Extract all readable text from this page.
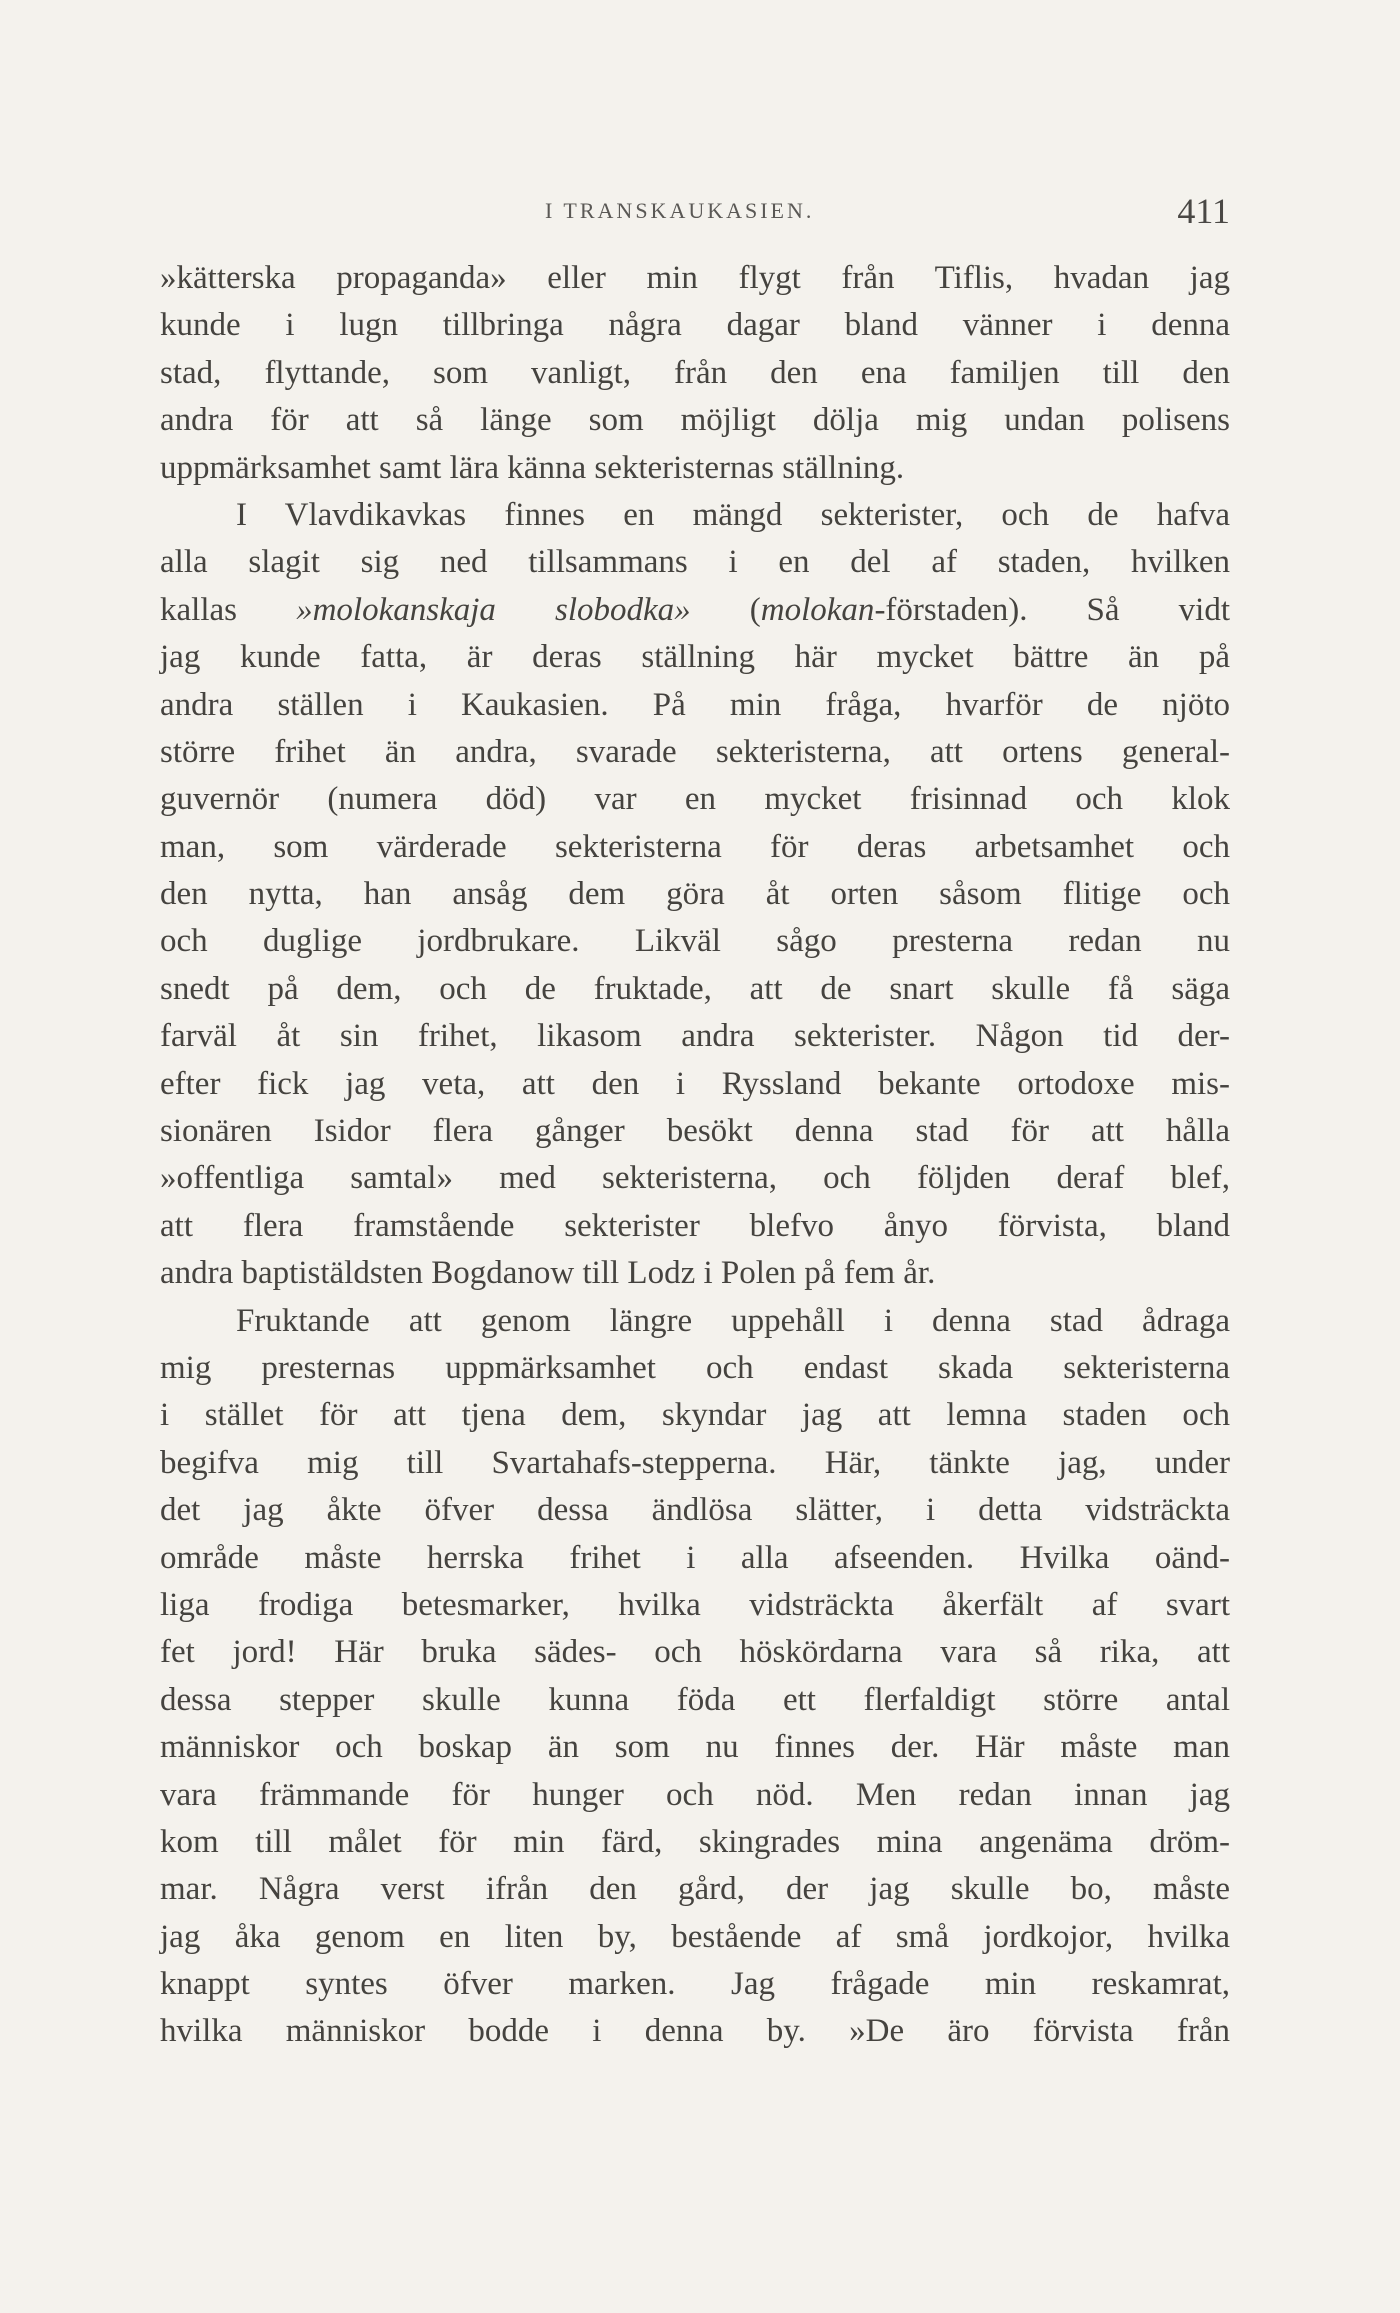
I TRANSKAUKASIEN.	411
»kätterska propaganda» eller min flygt från Tiflis, hvadan jag
kunde i lugn tillbringa några dagar bland vänner i denna
stad, flyttande, som vanligt, från den ena familjen till den
andra för att så länge som möjligt dölja mig undan polisens
uppmärksamhet samt lära känna sekteristernas ställning.
I Vlavdikavkas finnes en mängd sekterister, och de hafva
alla slagit sig ned tillsammans i en del af staden, hvilken
kallas »molokanskaja slobodka» (molokan-förstaden). Så vidt
jag kunde fatta, är deras ställning här mycket bättre än på
andra ställen i Kaukasien. På min fråga, hvarför de njöto
större frihet än andra, svarade sekteristerna, att ortens general-
guvernör (numera död) var en mycket frisinnad och klok
man, som värderade sekteristerna för deras arbetsamhet och
den nytta, han ansåg dem göra åt orten såsom flitige och
och duglige jordbrukare. Likväl sågo presterna redan nu
snedt på dem, och de fruktade, att de snart skulle få säga
farväl åt sin frihet, likasom andra sekterister. Någon tid der-
efter fick jag veta, att den i Ryssland bekante ortodoxe mis-
sionären Isidor flera gånger besökt denna stad för att hålla
»offentliga samtal» med sekteristerna, och följden deraf blef,
att flera framstående sekterister blefvo ånyo förvista, bland
andra baptistäldsten Bogdanow till Lodz i Polen på fem år.
Fruktande att genom längre uppehåll i denna stad ådraga
mig presternas uppmärksamhet och endast skada sekteristerna
i stället för att tjena dem, skyndar jag att lemna staden och
begifva mig till Svartahafs-stepperna. Här, tänkte jag, under
det jag åkte öfver dessa ändlösa slätter, i detta vidsträckta
område måste herrska frihet i alla afseenden. Hvilka oänd-
liga frodiga betesmarker, hvilka vidsträckta åkerfält af svart
fet jord! Här bruka sädes- och höskördarna vara så rika, att
dessa stepper skulle kunna föda ett flerfaldigt större antal
människor och boskap än som nu finnes der. Här måste man
vara främmande för hunger och nöd. Men redan innan jag
kom till målet för min färd, skingrades mina angenäma dröm-
mar. Några verst ifrån den gård, der jag skulle bo, måste
jag åka genom en liten by, bestående af små jordkojor, hvilka
knappt syntes öfver marken. Jag frågade min reskamrat,
hvilka människor bodde i denna by. »De äro förvista från
